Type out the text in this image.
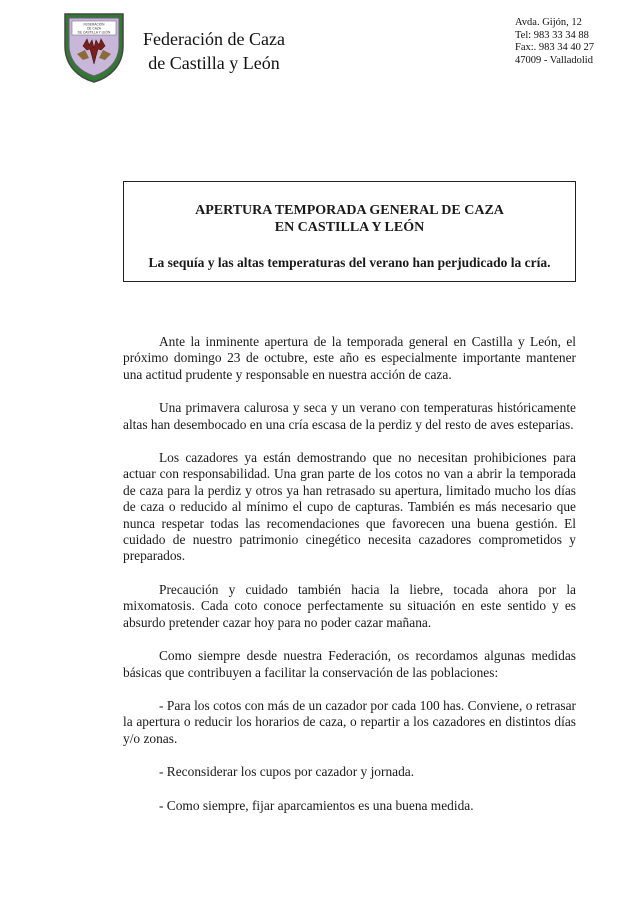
FEDERACIÓN
DE CAZA
DE CASTILLA Y LEÓN	Federación de Caza
de Castilla y León
Avda. Gijón, 12
Tel: 983 33 34 88
Fax:. 983 34 40 27
47009 - Valladolid
APERTURA TEMPORADA GENERAL DE CAZA
EN CASTILLA Y LEÓN
La sequía y las altas temperaturas del verano han perjudicado la cría.

Ante la inminente apertura de la temporada general en Castilla y León, el próximo domingo 23 de octubre, este año es especialmente importante mantener una actitud prudente y responsable en nuestra acción de caza.

Una primavera calurosa y seca y un verano con temperaturas históricamente altas han desembocado en una cría escasa de la perdiz y del resto de aves esteparias.

Los cazadores ya están demostrando que no necesitan prohibiciones para actuar con responsabilidad. Una gran parte de los cotos no van a abrir la temporada de caza para la perdiz y otros ya han retrasado su apertura, limitado mucho los días de caza o reducido al mínimo el cupo de capturas. También es más necesario que nunca respetar todas las recomendaciones que favorecen una buena gestión. El cuidado de nuestro patrimonio cinegético necesita cazadores comprometidos y preparados.

Precaución y cuidado también hacia la liebre, tocada ahora por la mixomatosis. Cada coto conoce perfectamente su situación en este sentido y es absurdo pretender cazar hoy para no poder cazar mañana.

Como siempre desde nuestra Federación, os recordamos algunas medidas básicas que contribuyen a facilitar la conservación de las poblaciones:

- Para los cotos con más de un cazador por cada 100 has. Conviene, o retrasar la apertura o reducir los horarios de caza, o repartir a los cazadores en distintos días y/o zonas.

- Reconsiderar los cupos por cazador y jornada.

- Como siempre, fijar aparcamientos es una buena medida.
